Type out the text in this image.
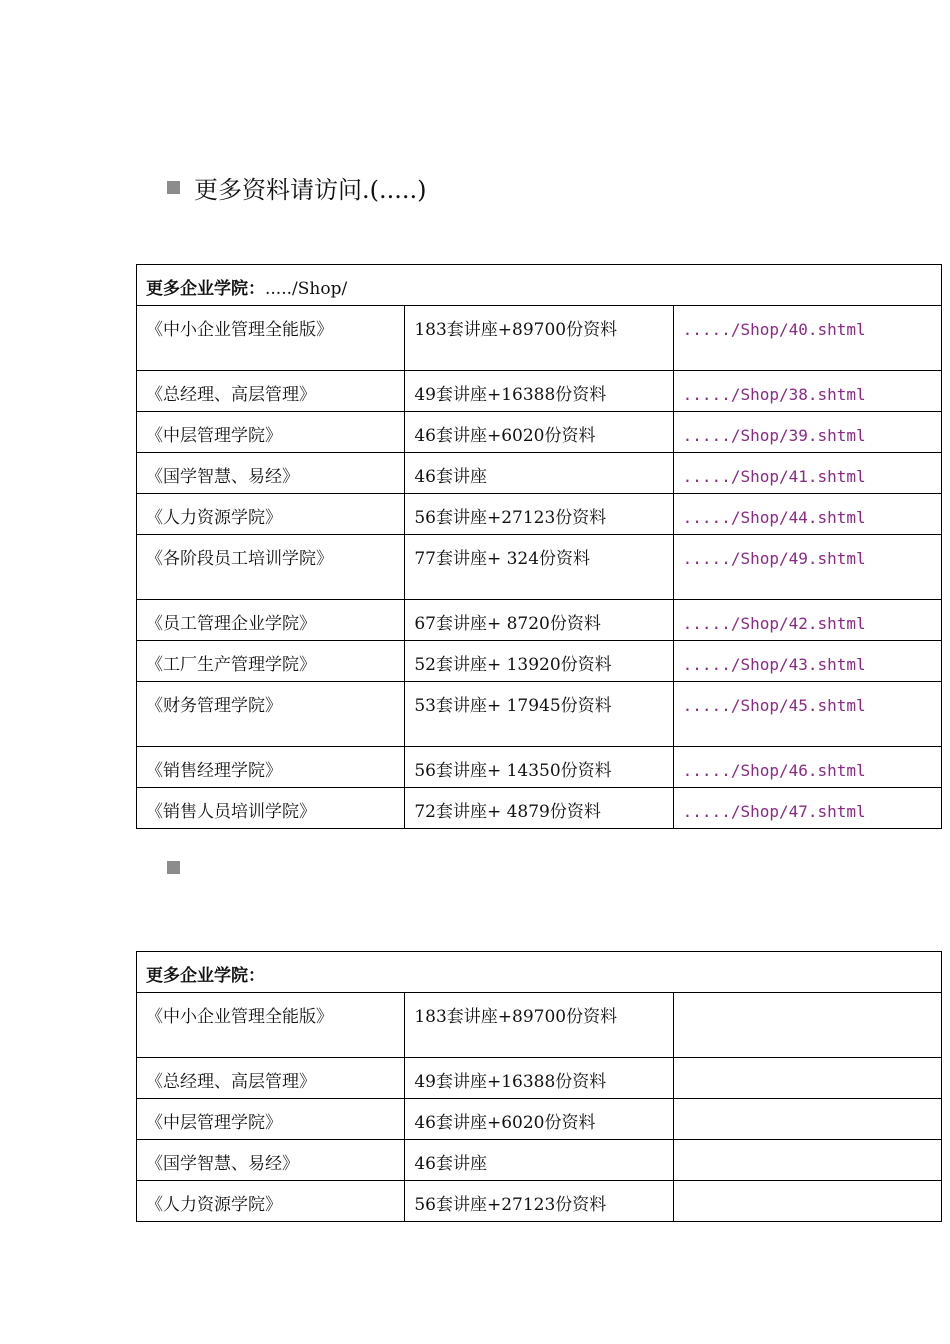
更多资料请访问.(.....)
更多企业学院：...../Shop/		
《中小企业管理全能版》	183套讲座+89700份资料	...../Shop/40.shtml
《总经理、高层管理》	49套讲座+16388份资料	...../Shop/38.shtml
《中层管理学院》	46套讲座+6020份资料	...../Shop/39.shtml
《国学智慧、易经》	46套讲座	...../Shop/41.shtml
《人力资源学院》	56套讲座+27123份资料	...../Shop/44.shtml
《各阶段员工培训学院》	77套讲座+ 324份资料	...../Shop/49.shtml
《员工管理企业学院》	67套讲座+ 8720份资料	...../Shop/42.shtml
《工厂生产管理学院》	52套讲座+ 13920份资料	...../Shop/43.shtml
《财务管理学院》	53套讲座+ 17945份资料	...../Shop/45.shtml
《销售经理学院》	56套讲座+ 14350份资料	...../Shop/46.shtml
《销售人员培训学院》	72套讲座+ 4879份资料	...../Shop/47.shtml
更多企业学院：		
《中小企业管理全能版》	183套讲座+89700份资料	
《总经理、高层管理》	49套讲座+16388份资料	
《中层管理学院》	46套讲座+6020份资料	
《国学智慧、易经》	46套讲座	
《人力资源学院》	56套讲座+27123份资料	
